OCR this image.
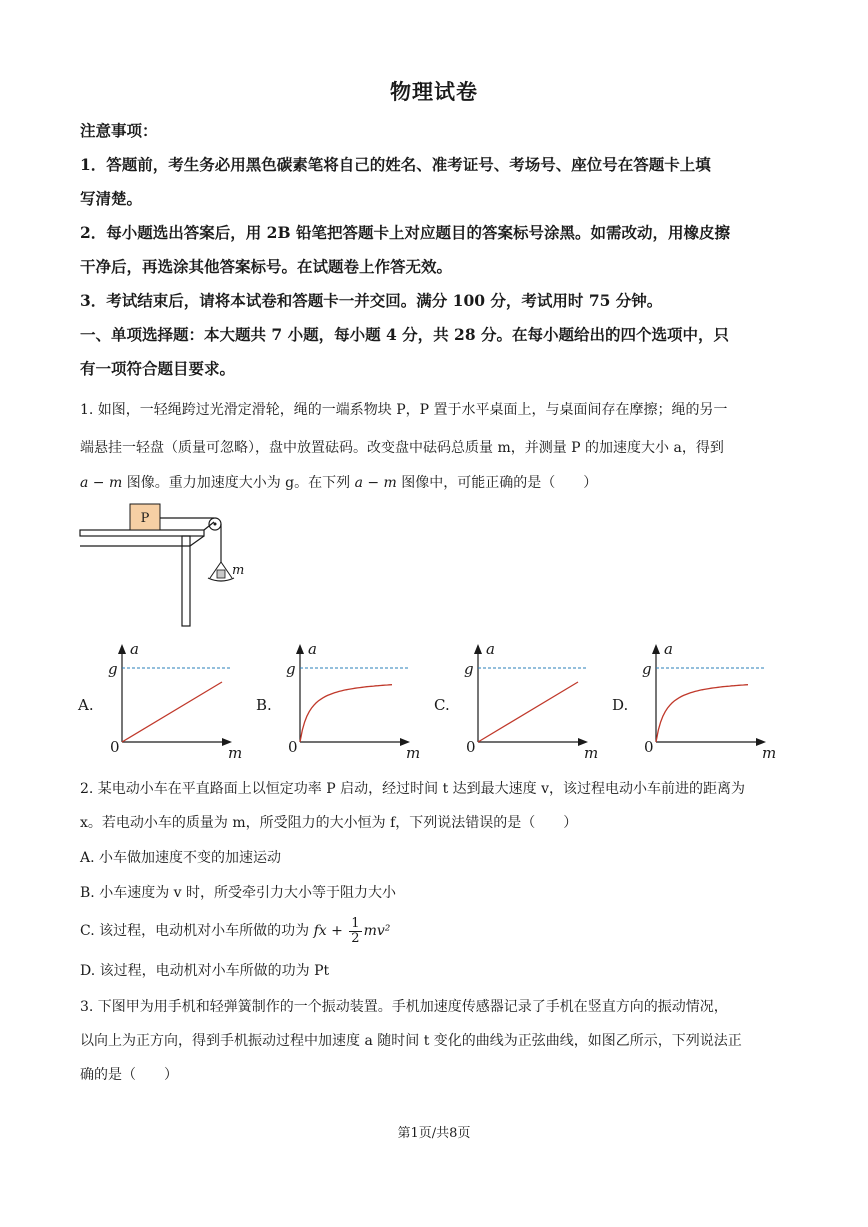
物理试卷
注意事项：
1．答题前，考生务必用黑色碳素笔将自己的姓名、准考证号、考场号、座位号在答题卡上填
写清楚。
2．每小题选出答案后，用 2B 铅笔把答题卡上对应题目的答案标号涂黑。如需改动，用橡皮擦
干净后，再选涂其他答案标号。在试题卷上作答无效。
3．考试结束后，请将本试卷和答题卡一并交回。满分 100 分，考试用时 75 分钟。
一、单项选择题：本大题共 7 小题，每小题 4 分，共 28 分。在每小题给出的四个选项中，只
有一项符合题目要求。
1. 如图，一轻绳跨过光滑定滑轮，绳的一端系物块 P，P 置于水平桌面上，与桌面间存在摩擦；绳的另一
端悬挂一轻盘（质量可忽略），盘中放置砝码。改变盘中砝码总质量 m，并测量 P 的加速度大小 a，得到
a − m 图像。重力加速度大小为 g。在下列 a − m 图像中，可能正确的是（　　）
P
m
A.
a
m
g
0
B.
a
m
g
0
C.
a
m
g
0
D.
a
m
g
0
2. 某电动小车在平直路面上以恒定功率 P 启动，经过时间 t 达到最大速度 v，该过程电动小车前进的距离为
x。若电动小车的质量为 m，所受阻力的大小恒为 f，下列说法错误的是（　　）
A. 小车做加速度不变的加速运动
B. 小车速度为 v 时，所受牵引力大小等于阻力大小
C. 该过程，电动机对小车所做的功为 fx + $\frac{1}{2} mv^2$
D. 该过程，电动机对小车所做的功为 Pt
3. 下图甲为用手机和轻弹簧制作的一个振动装置。手机加速度传感器记录了手机在竖直方向的振动情况，
以向上为正方向，得到手机振动过程中加速度 a 随时间 t 变化的曲线为正弦曲线，如图乙所示，下列说法正
确的是（　　）
第1页/共8页
